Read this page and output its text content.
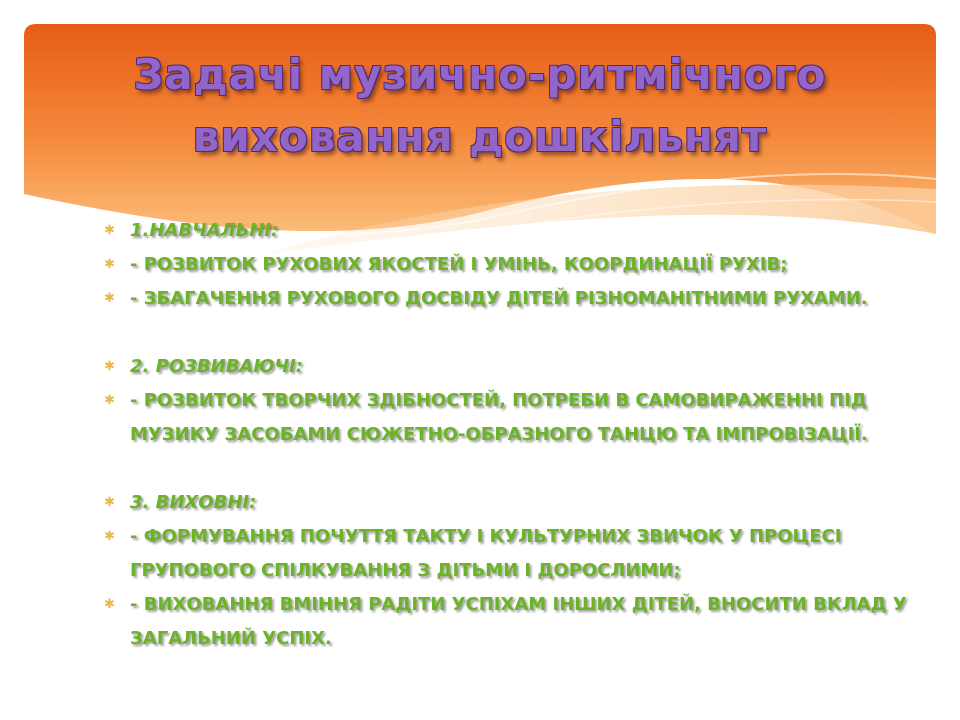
Задачі музично-ритмічного
виховання дошкільнят
✱ 1.НАВЧАЛЬНІ:
✱ - РОЗВИТОК РУХОВИХ ЯКОСТЕЙ І УМІНЬ, КООРДИНАЦІЇ РУХІВ;
✱ - ЗБАГАЧЕННЯ РУХОВОГО ДОСВІДУ ДІТЕЙ РІЗНОМАНІТНИМИ РУХАМИ.
✱ 2. РОЗВИВАЮЧІ:
✱ - РОЗВИТОК ТВОРЧИХ ЗДІБНОСТЕЙ, ПОТРЕБИ В САМОВИРАЖЕННІ ПІД МУЗИКУ ЗАСОБАМИ СЮЖЕТНО-ОБРАЗНОГО ТАНЦЮ ТА ІМПРОВІЗАЦІЇ.
✱ 3. ВИХОВНІ:
✱ - ФОРМУВАННЯ ПОЧУТТЯ ТАКТУ І КУЛЬТУРНИХ ЗВИЧОК У ПРОЦЕСІ ГРУПОВОГО СПІЛКУВАННЯ З ДІТЬМИ І ДОРОСЛИМИ;
✱ - ВИХОВАННЯ ВМІННЯ РАДІТИ УСПІХАМ ІНШИХ ДІТЕЙ, ВНОСИТИ ВКЛАД У ЗАГАЛЬНИЙ УСПІХ.
